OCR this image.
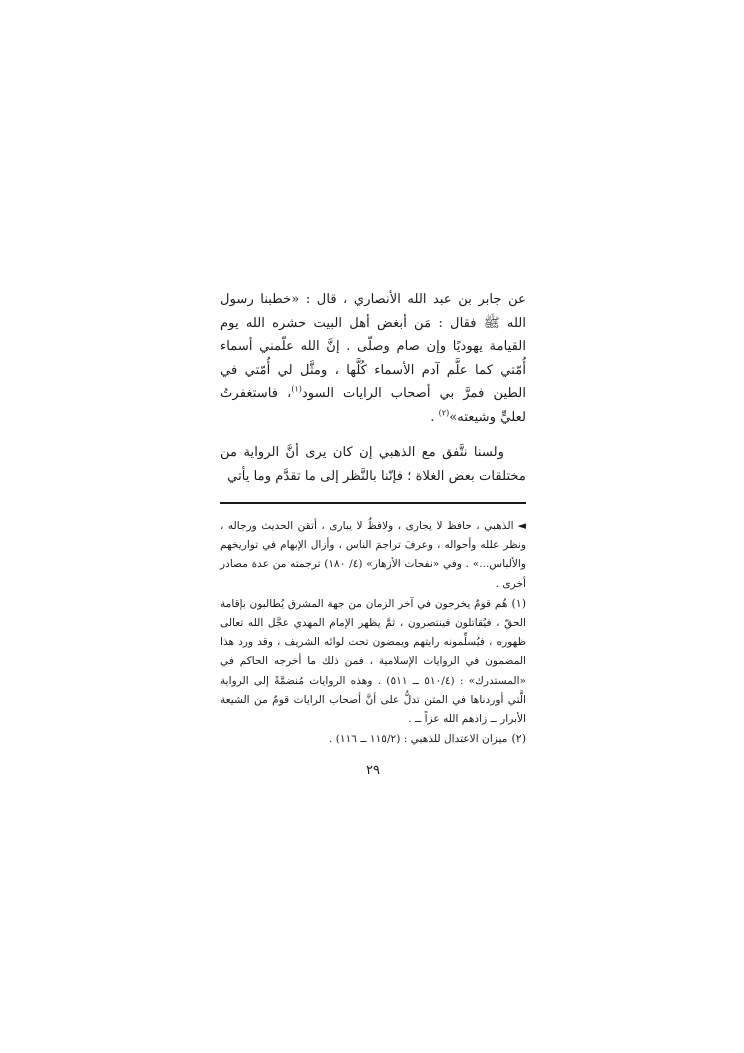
عن جابر بن عبد الله الأنصاري ، قال : «خطبنا رسول الله ﷺ فقال : مَن أبغض أهل البيت حشره الله يوم القيامة يهوديًا وإن صام وصلّى . إنَّ الله علّمني أسماء أُمّتي كما علَّم آدم الأسماء كُلَّها ، ومثَّل لي أُمّتي في الطين فمرَّ بي أصحاب الرايات السود$^{(١)}$، فاستغفرتُ لعليٍّ وشيعته»$^{(٢)}$ .

ولسنا نتَّفق مع الذهبي إن كان يرى أنَّ الرواية من مختلقات بعض الغلاة ؛ فإنّنا بالنَّظر إلى ما تقدَّم وما يأتي

◄الذهبي ، حافظ لا يجارى ، ولافظٌ لا يبارى ، أتقن الحديث ورجاله ، ونظر علله وأحواله ، وعرفَ تراجمَ الناس ، وأزال الإبهام في تواريخهم والألباس...» . وفي «نفحات الأزهار» (٤/ ١٨٠) ترجمته من عدة مصادر أخرى .
(١)هُم قومٌ يخرجون في آخر الزمان من جهة المشرق يُطالبون بإقامة الحقّ ، فيُقاتلون فينتصرون ، ثمَّ يظهر الإمام المهدي عجَّل الله تعالى ظهوره ، فيُسلِّمونه رايتهم ويمضون تحت لوائه الشريف ، وقد ورد هذا المضمون في الروايات الإسلامية ، فمن ذلك ما أخرجه الحاكم في «المستدرك» : (٥١٠/٤ ــ ٥١١) . وهذه الروايات مُنضمَّةً إلى الرواية الَّتي أوردناها في المتن تدلُّ على أنَّ أصحاب الرايات قومٌ من الشيعة الأبرار ــ زادهم الله عزاً ــ .
(٢)ميزان الاعتدال للذهبي : (١١٥/٢ ــ ١١٦) .
٢٩
